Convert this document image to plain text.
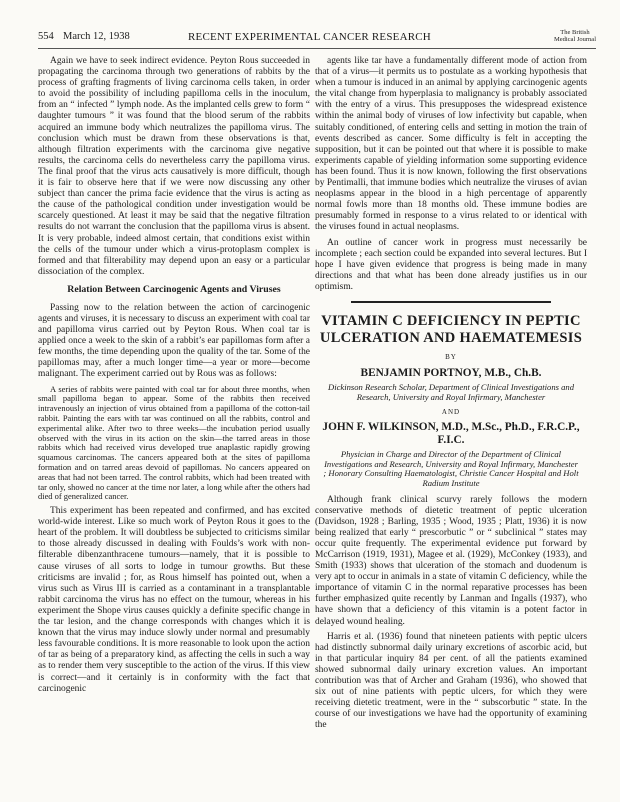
554 March 12, 1938	RECENT EXPERIMENTAL CANCER RESEARCH	The British
Medical Journal

Again we have to seek indirect evidence. Peyton Rous succeeded in propagating the carcinoma through two generations of rabbits by the process of grafting fragments of living carcinoma cells taken, in order to avoid the possibility of including papilloma cells in the inoculum, from an “ infected ” lymph node. As the implanted cells grew to form “ daughter tumours ” it was found that the blood serum of the rabbits acquired an immune body which neutralizes the papilloma virus. The conclusion which must be drawn from these observations is that, although filtration experiments with the carcinoma give negative results, the carcinoma cells do nevertheless carry the papilloma virus. The final proof that the virus acts causatively is more difficult, though it is fair to observe here that if we were now discussing any other subject than cancer the prima facie evidence that the virus is acting as the cause of the pathological condition under investigation would be scarcely questioned. At least it may be said that the negative filtration results do not warrant the conclusion that the papilloma virus is absent. It is very probable, indeed almost certain, that conditions exist within the cells of the tumour under which a virus-protoplasm complex is formed and that filterability may depend upon an easy or a particular dissociation of the complex.

Relation Between Carcinogenic Agents and Viruses

Passing now to the relation between the action of carcinogenic agents and viruses, it is necessary to discuss an experiment with coal tar and papilloma virus carried out by Peyton Rous. When coal tar is applied once a week to the skin of a rabbit’s ear papillomas form after a few months, the time depending upon the quality of the tar. Some of the papillomas may, after a much longer time—a year or more—become malignant. The experiment carried out by Rous was as follows:

A series of rabbits were painted with coal tar for about three months, when small papilloma began to appear. Some of the rabbits then received intravenously an injection of virus obtained from a papilloma of the cotton-tail rabbit. Painting the ears with tar was continued on all the rabbits, control and experimental alike. After two to three weeks—the incubation period usually observed with the virus in its action on the skin—the tarred areas in those rabbits which had received virus developed true anaplastic rapidly growing squamous carcinomas. The cancers appeared both at the sites of papilloma formation and on tarred areas devoid of papillomas. No cancers appeared on areas that had not been tarred. The control rabbits, which had been treated with tar only, showed no cancer at the time nor later, a long while after the others had died of generalized cancer.

This experiment has been repeated and confirmed, and has excited world-wide interest. Like so much work of Peyton Rous it goes to the heart of the problem. It will doubtless be subjected to criticisms similar to those already discussed in dealing with Foulds’s work with non-filterable dibenzanthracene tumours—namely, that it is possible to cause viruses of all sorts to lodge in tumour growths. But these criticisms are invalid ; for, as Rous himself has pointed out, when a virus such as Virus III is carried as a contaminant in a transplantable rabbit carcinoma the virus has no effect on the tumour, whereas in his experiment the Shope virus causes quickly a definite specific change in the tar lesion, and the change corresponds with changes which it is known that the virus may induce slowly under normal and presumably less favourable conditions. It is more reasonable to look upon the action of tar as being of a preparatory kind, as affecting the cells in such a way as to render them very susceptible to the action of the virus. If this view is correct—and it certainly is in conformity with the fact that carcinogenic

agents like tar have a fundamentally different mode of action from that of a virus—it permits us to postulate as a working hypothesis that when a tumour is induced in an animal by applying carcinogenic agents the vital change from hyperplasia to malignancy is probably associated with the entry of a virus. This presupposes the widespread existence within the animal body of viruses of low infectivity but capable, when suitably conditioned, of entering cells and setting in motion the train of events described as cancer. Some difficulty is felt in accepting the supposition, but it can be pointed out that where it is possible to make experiments capable of yielding information some supporting evidence has been found. Thus it is now known, following the first observations by Pentimalli, that immune bodies which neutralize the viruses of avian neoplasms appear in the blood in a high percentage of apparently normal fowls more than 18 months old. These immune bodies are presumably formed in response to a virus related to or identical with the viruses found in actual neoplasms.

An outline of cancer work in progress must necessarily be incomplete ; each section could be expanded into several lectures. But I hope I have given evidence that progress is being made in many directions and that what has been done already justifies us in our optimism.

VITAMIN C DEFICIENCY IN PEPTIC ULCERATION AND HAEMATEMESIS
BY
BENJAMIN PORTNOY, M.B., Ch.B.
Dickinson Research Scholar, Department of Clinical Investigations and Research, University and Royal Infirmary, Manchester
AND
JOHN F. WILKINSON, M.D., M.Sc., Ph.D., F.R.C.P., F.I.C.
Physician in Charge and Director of the Department of Clinical Investigations and Research, University and Royal Infirmary, Manchester ; Honorary Consulting Haematologist, Christie Cancer Hospital and Holt Radium Institute

Although frank clinical scurvy rarely follows the modern conservative methods of dietetic treatment of peptic ulceration (Davidson, 1928 ; Barling, 1935 ; Wood, 1935 ; Platt, 1936) it is now being realized that early “ prescorbutic ” or “ subclinical ” states may occur quite frequently. The experimental evidence put forward by McCarrison (1919, 1931), Magee et al. (1929), McConkey (1933), and Smith (1933) shows that ulceration of the stomach and duodenum is very apt to occur in animals in a state of vitamin C deficiency, while the importance of vitamin C in the normal reparative processes has been further emphasized quite recently by Lanman and Ingalls (1937), who have shown that a deficiency of this vitamin is a potent factor in delayed wound healing.

Harris et al. (1936) found that nineteen patients with peptic ulcers had distinctly subnormal daily urinary excretions of ascorbic acid, but in that particular inquiry 84 per cent. of all the patients examined showed subnormal daily urinary excretion values. An important contribution was that of Archer and Graham (1936), who showed that six out of nine patients with peptic ulcers, for which they were receiving dietetic treatment, were in the “ subscorbutic ” state. In the course of our investigations we have had the opportunity of examining the
